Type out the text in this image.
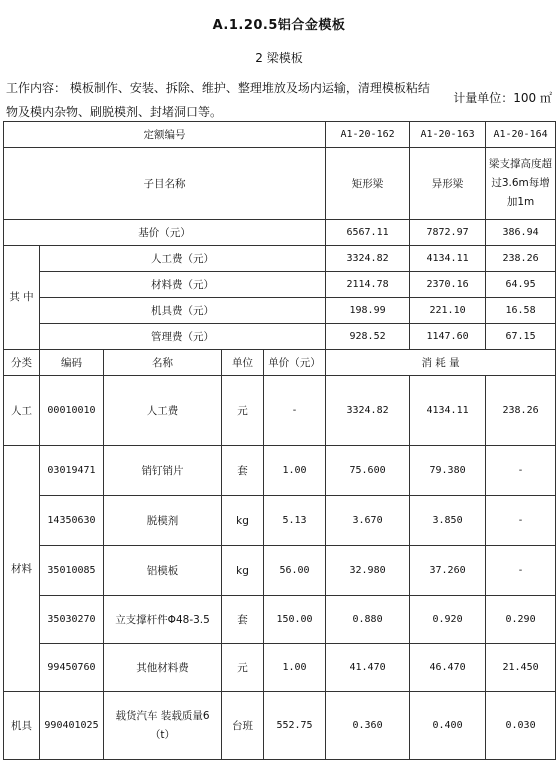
A.1.20.5铝合金模板
2 梁模板
工作内容： 模板制作、安装、拆除、维护、整理堆放及场内运输，清理模板粘结物及模内杂物、刷脱模剂、封堵洞口等。
计量单位：100 ㎡
定额编号					A1-20-162	A1-20-163	A1-20-164
子目名称					矩形梁	异形梁	梁支撑高度超过3.6m每增加1m
基价（元）					6567.11	7872.97	386.94
其 中	人工费（元）				3324.82	4134.11	238.26
	材料费（元）				2114.78	2370.16	64.95
	机具费（元）				198.99	221.10	16.58
	管理费（元）				928.52	1147.60	67.15
分类	编码	名称	单位	单价（元）	消 耗 量		
人工	00010010	人工费	元	-	3324.82	4134.11	238.26
材料	03019471	销钉销片	套	1.00	75.600	79.380	-
	14350630	脱模剂	kg	5.13	3.670	3.850	-
	35010085	铝模板	kg	56.00	32.980	37.260	-
	35030270	立支撑杆件Φ48-3.5	套	150.00	0.880	0.920	0.290
	99450760	其他材料费	元	1.00	41.470	46.470	21.450
机具	990401025	载货汽车 装载质量6（t）	台班	552.75	0.360	0.400	0.030
